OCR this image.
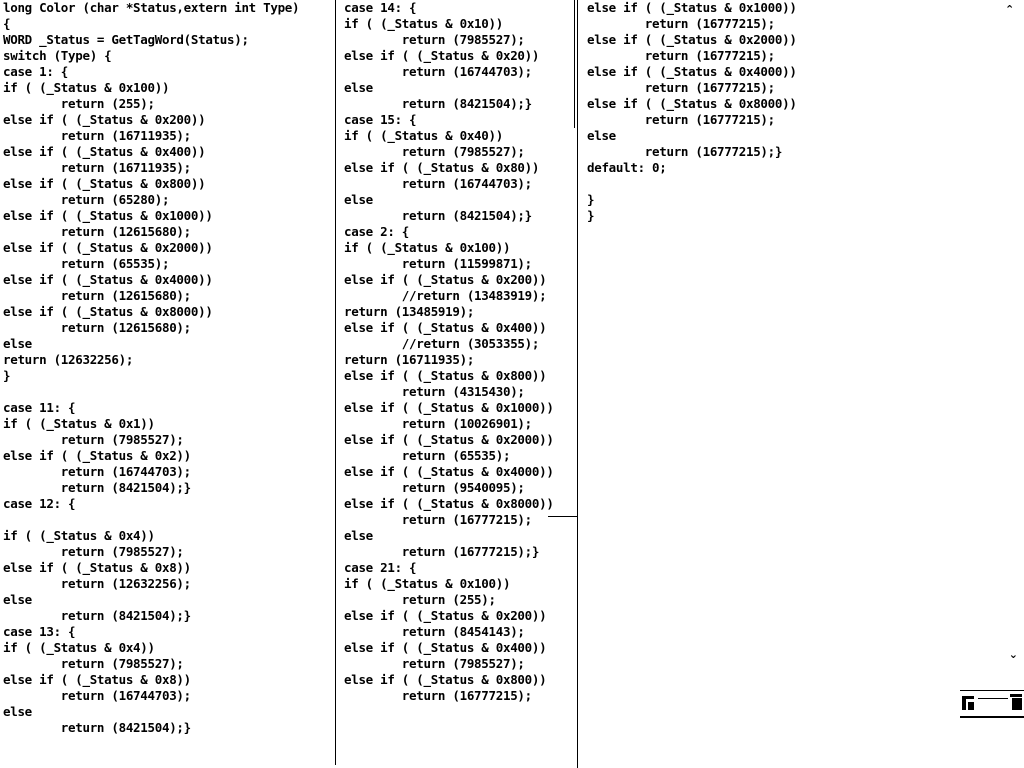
long Color (char *Status,extern int Type)
{
WORD _Status = GetTagWord(Status);
switch (Type) {
case 1: {
if ( (_Status & 0x100))
return (255);
else if ( (_Status & 0x200))
return (16711935);
else if ( (_Status & 0x400))
return (16711935);
else if ( (_Status & 0x800))
return (65280);
else if ( (_Status & 0x1000))
return (12615680);
else if ( (_Status & 0x2000))
return (65535);
else if ( (_Status & 0x4000))
return (12615680);
else if ( (_Status & 0x8000))
return (12615680);
else
return (12632256);
}

case 11: {
if ( (_Status & 0x1))
return (7985527);
else if ( (_Status & 0x2))
return (16744703);
return (8421504);}
case 12: {

if ( (_Status & 0x4))
return (7985527);
else if ( (_Status & 0x8))
return (12632256);
else
return (8421504);}
case 13: {
if ( (_Status & 0x4))
return (7985527);
else if ( (_Status & 0x8))
return (16744703);
else
return (8421504);}

case 14: {
if ( (_Status & 0x10))
return (7985527);
else if ( (_Status & 0x20))
return (16744703);
else
return (8421504);}
case 15: {
if ( (_Status & 0x40))
return (7985527);
else if ( (_Status & 0x80))
return (16744703);
else
return (8421504);}
case 2: {
if ( (_Status & 0x100))
return (11599871);
else if ( (_Status & 0x200))
//return (13483919);
return (13485919);
else if ( (_Status & 0x400))
//return (3053355);
return (16711935);
else if ( (_Status & 0x800))
return (4315430);
else if ( (_Status & 0x1000))
return (10026901);
else if ( (_Status & 0x2000))
return (65535);
else if ( (_Status & 0x4000))
return (9540095);
else if ( (_Status & 0x8000))
return (16777215);
else
return (16777215);}
case 21: {
if ( (_Status & 0x100))
return (255);
else if ( (_Status & 0x200))
return (8454143);
else if ( (_Status & 0x400))
return (7985527);
else if ( (_Status & 0x800))
return (16777215);

else if ( (_Status & 0x1000))
return (16777215);
else if ( (_Status & 0x2000))
return (16777215);
else if ( (_Status & 0x4000))
return (16777215);
else if ( (_Status & 0x8000))
return (16777215);
else
return (16777215);}
default: 0;

}
}

⌄
⌄
